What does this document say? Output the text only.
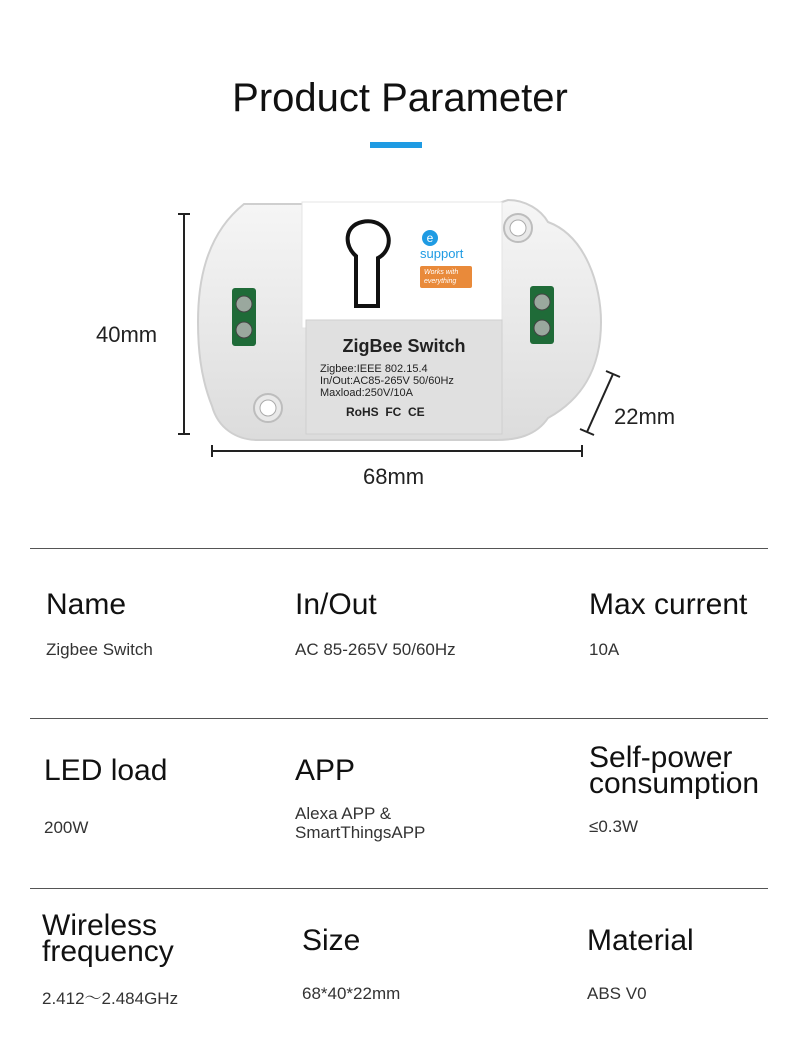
Product Parameter
40mm
68mm
22mm
e
support
Works with
everything
ZigBee Switch
Zigbee:IEEE 802.15.4
In/Out:AC85-265V 50/60Hz
Maxload:250V/10A
RoHS  FC  CE
Name
Zigbee Switch
In/Out
AC 85-265V 50/60Hz
Max current
10A
LED load
200W
APP
Alexa APP &
SmartThingsAPP
Self-power
consumption
≤0.3W
Wireless
frequency
2.412～2.484GHz
Size
68*40*22mm
Material
ABS V0
